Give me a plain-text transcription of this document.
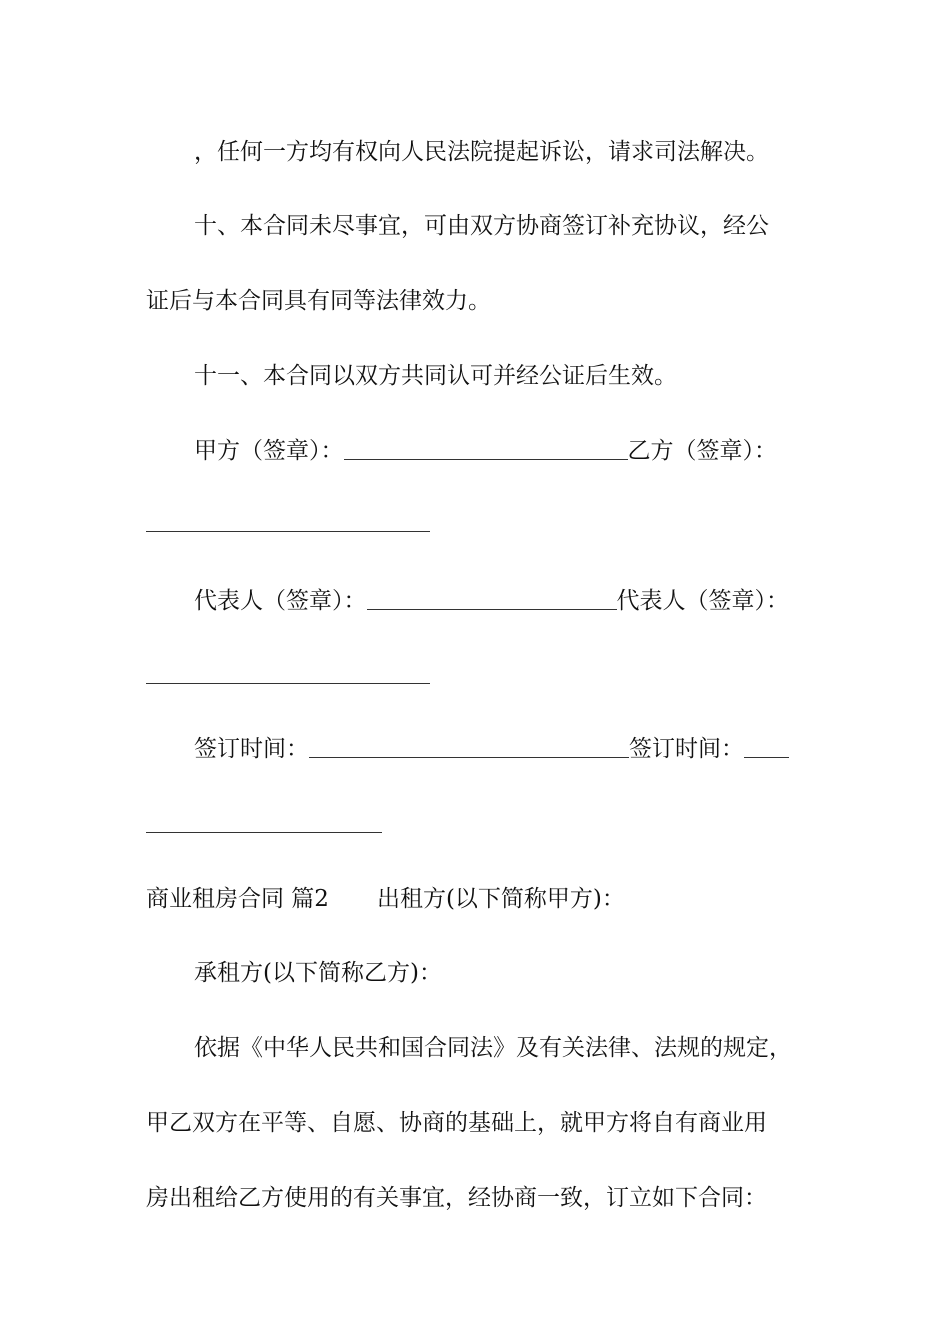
，任何一方均有权向人民法院提起诉讼，请求司法解决。
十、本合同未尽事宜，可由双方协商签订补充协议，经公
证后与本合同具有同等法律效力。
十一、本合同以双方共同认可并经公证后生效。
甲方（签章）：	乙方（签章）：
代表人（签章）：	代表人（签章）：
签订时间：	签订时间：
商业租房合同 篇2 出租方(以下简称甲方)：
承租方(以下简称乙方)：
依据《中华人民共和国合同法》及有关法律、法规的规定，
甲乙双方在平等、自愿、协商的基础上，就甲方将自有商业用
房出租给乙方使用的有关事宜，经协商一致，订立如下合同：
